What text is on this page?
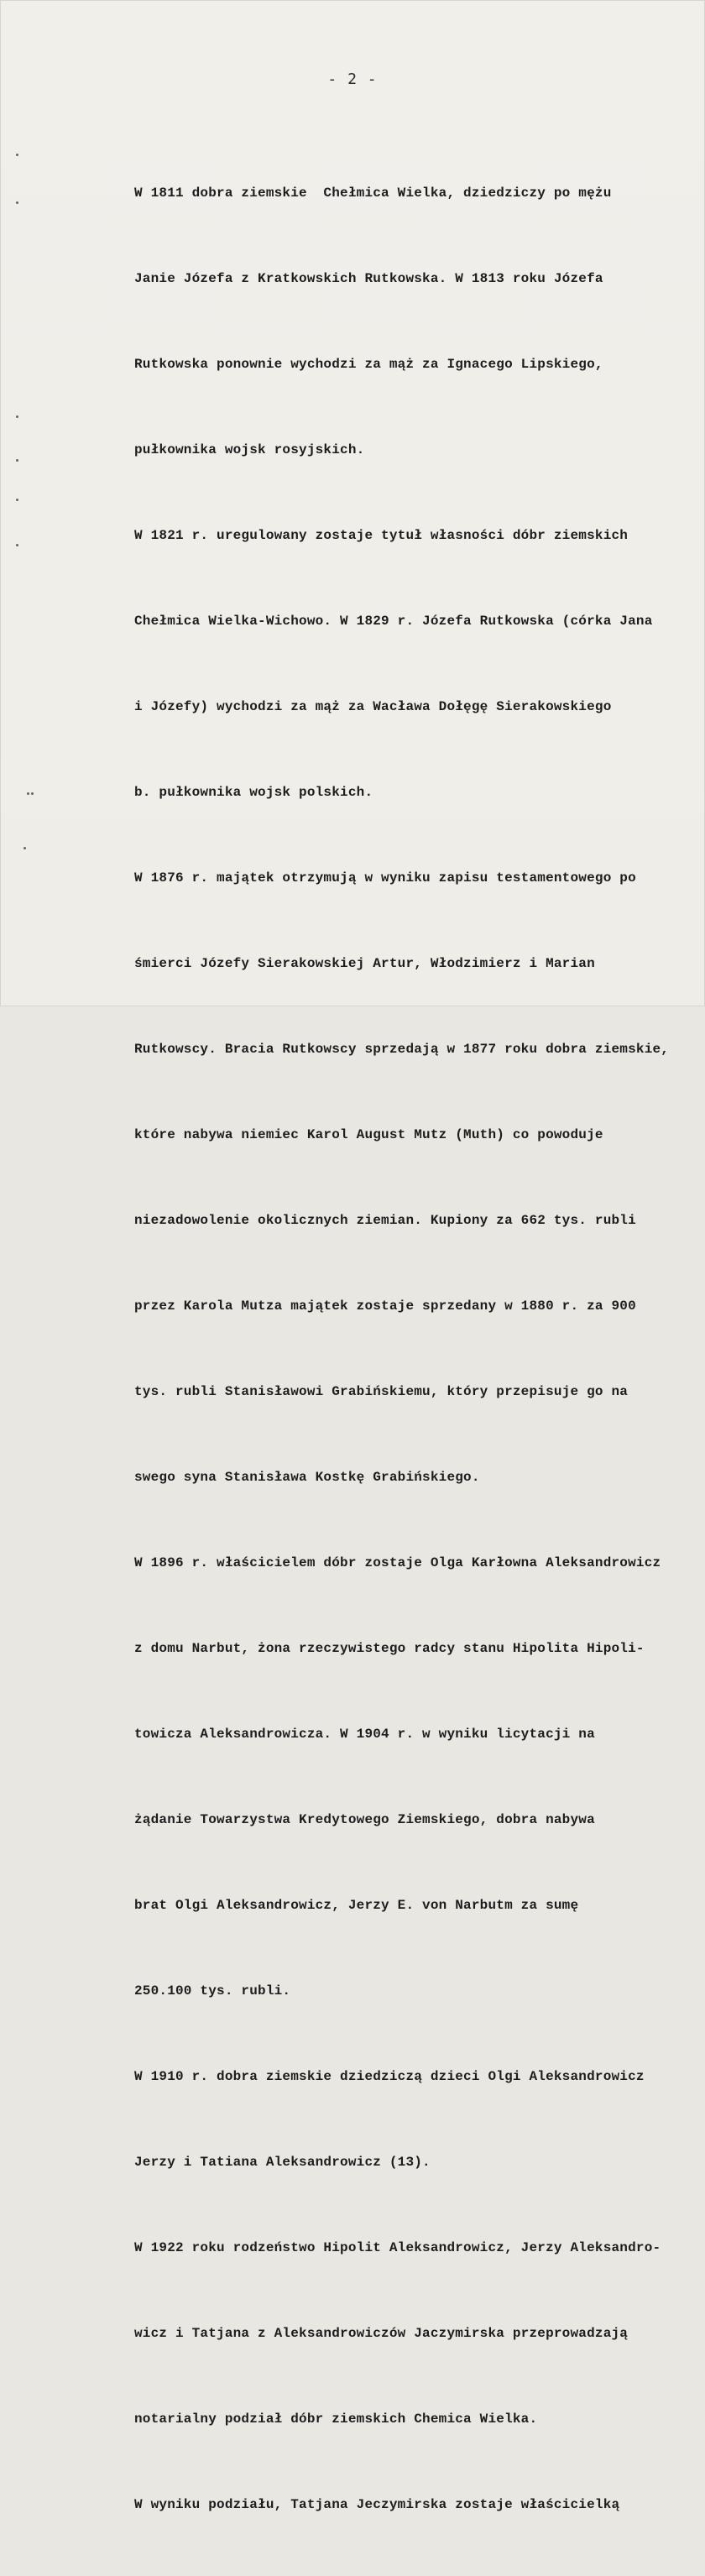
- 2 -

W 1811 dobra ziemskie  Chełmica Wielka, dziedziczy po mężu

Janie Józefa z Kratkowskich Rutkowska. W 1813 roku Józefa

Rutkowska ponownie wychodzi za mąż za Ignacego Lipskiego,

pułkownika wojsk rosyjskich.

W 1821 r. uregulowany zostaje tytuł własności dóbr ziemskich

Chełmica Wielka-Wichowo. W 1829 r. Józefa Rutkowska (córka Jana

i Józefy) wychodzi za mąż za Wacława Dołęgę Sierakowskiego

b. pułkownika wojsk polskich.

W 1876 r. majątek otrzymują w wyniku zapisu testamentowego po

śmierci Józefy Sierakowskiej Artur, Włodzimierz i Marian

Rutkowscy. Bracia Rutkowscy sprzedają w 1877 roku dobra ziemskie,

które nabywa niemiec Karol August Mutz (Muth) co powoduje

niezadowolenie okolicznych ziemian. Kupiony za 662 tys. rubli

przez Karola Mutza majątek zostaje sprzedany w 1880 r. za 900

tys. rubli Stanisławowi Grabińskiemu, który przepisuje go na

swego syna Stanisława Kostkę Grabińskiego.

W 1896 r. właścicielem dóbr zostaje Olga Karłowna Aleksandrowicz

z domu Narbut, żona rzeczywistego radcy stanu Hipolita Hipoli-

towicza Aleksandrowicza. W 1904 r. w wyniku licytacji na

żądanie Towarzystwa Kredytowego Ziemskiego, dobra nabywa

brat Olgi Aleksandrowicz, Jerzy E. von Narbutm za sumę

250.100 tys. rubli.

W 1910 r. dobra ziemskie dziedziczą dzieci Olgi Aleksandrowicz

Jerzy i Tatiana Aleksandrowicz (13).

W 1922 roku rodzeństwo Hipolit Aleksandrowicz, Jerzy Aleksandro-

wicz i Tatjana z Aleksandrowiczów Jaczymirska przeprowadzają

notarialny podział dóbr ziemskich Chemica Wielka.

W wyniku podziału, Tatjana Jeczymirska zostaje właścicielką
